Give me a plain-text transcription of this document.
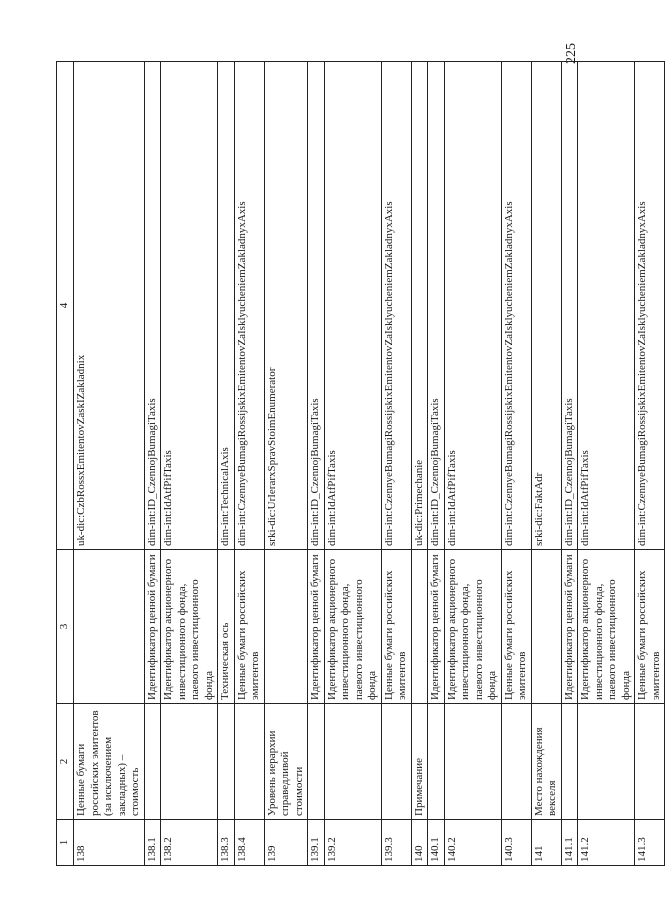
225
1	2	3	4
138	Ценные бумаги российских эмитентов (за исключением закладных) – стоимость		uk-dic:CzbRossxEmitentovZaskIZakladnix
138.1		Идентификатор ценной бумаги	dim-int:ID_CzennojBumagiTaxis
138.2		Идентификатор акционерного инвестиционного фонда, паевого инвестиционного фонда	dim-int:IdAtfPifTaxis
138.3		Техническая ось	dim-int:TechnicalAxis
138.4		Ценные бумаги российских эмитентов	dim-int:CzennyeBumagiRossijskixEmitentovZaIsklyucheniemZakladnyxAxis
139	Уровень иерархии справедливой стоимости		srki-dic:UrIerarxSpravStoimEnumerator
139.1		Идентификатор ценной бумаги	dim-int:ID_CzennojBumagiTaxis
139.2		Идентификатор акционерного инвестиционного фонда, паевого инвестиционного фонда	dim-int:IdAtfPifTaxis
139.3		Ценные бумаги российских эмитентов	dim-int:CzennyeBumagiRossijskixEmitentovZaIsklyucheniemZakladnyxAxis
140	Примечание		uk-dic:Primechanie
140.1		Идентификатор ценной бумаги	dim-int:ID_CzennojBumagiTaxis
140.2		Идентификатор акционерного инвестиционного фонда, паевого инвестиционного фонда	dim-int:IdAtfPifTaxis
140.3		Ценные бумаги российских эмитентов	dim-int:CzennyeBumagiRossijskixEmitentovZaIsklyucheniemZakladnyxAxis
141	Место нахождения векселя		srki-dic:FaktAdr
141.1		Идентификатор ценной бумаги	dim-int:ID_CzennojBumagiTaxis
141.2		Идентификатор акционерного инвестиционного фонда, паевого инвестиционного фонда	dim-int:IdAtfPifTaxis
141.3		Ценные бумаги российских эмитентов	dim-int:CzennyeBumagiRossijskixEmitentovZaIsklyucheniemZakladnyxAxis
